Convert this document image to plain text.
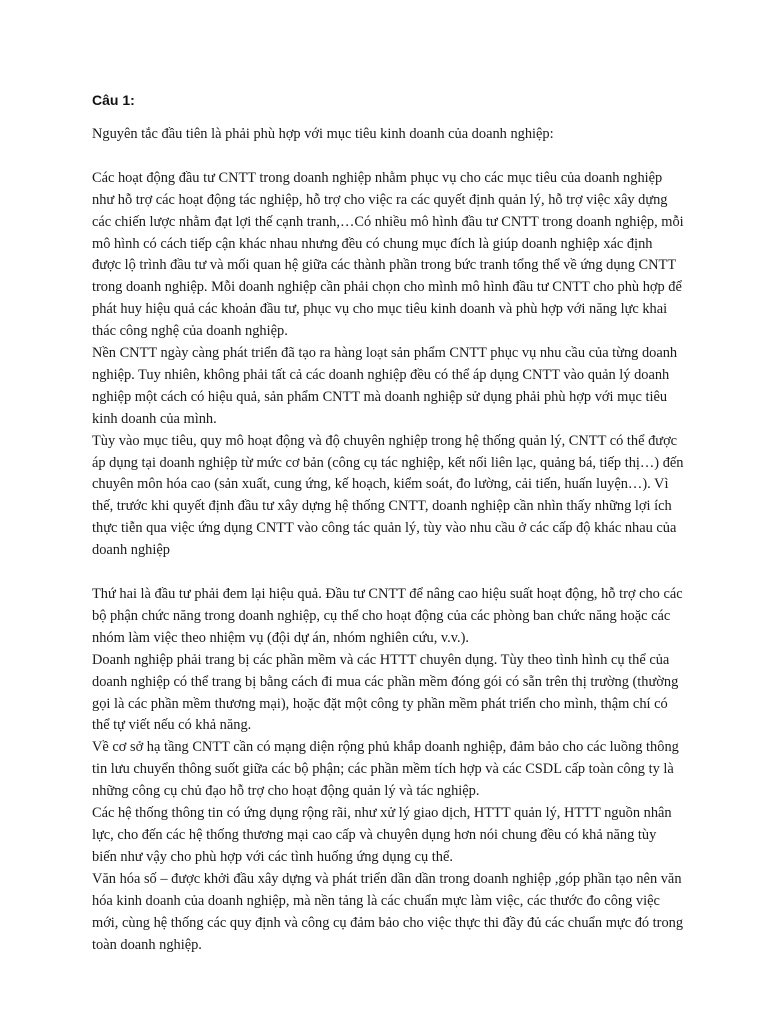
Câu 1:

Nguyên tắc đầu tiên là phải phù hợp với mục tiêu kinh doanh của doanh nghiệp:

Các hoạt động đầu tư CNTT trong doanh nghiệp nhằm phục vụ cho các mục tiêu của doanh nghiệp như hỗ trợ các hoạt động tác nghiệp, hỗ trợ cho việc ra các quyết định quản lý, hỗ trợ việc xây dựng các chiến lược nhằm đạt lợi thế cạnh tranh,…Có nhiều mô hình đầu tư CNTT trong doanh nghiệp, mỗi mô hình có cách tiếp cận khác nhau nhưng đều có chung mục đích là giúp doanh nghiệp xác định được lộ trình đầu tư và mối quan hệ giữa các thành phần trong bức tranh tổng thể về ứng dụng CNTT trong doanh nghiệp. Mỗi doanh nghiệp cần phải chọn cho mình mô hình đầu tư CNTT cho phù hợp để phát huy hiệu quả các khoản đầu tư, phục vụ cho mục tiêu kinh doanh và phù hợp với năng lực khai thác công nghệ của doanh nghiệp.

Nền CNTT ngày càng phát triển đã tạo ra hàng loạt sản phẩm CNTT phục vụ nhu cầu của từng doanh nghiệp. Tuy nhiên, không phải tất cả các doanh nghiệp đều có thể áp dụng CNTT vào quản lý doanh nghiệp một cách có hiệu quả, sản phẩm CNTT mà doanh nghiệp sử dụng phải phù hợp với mục tiêu kinh doanh của mình.

Tùy vào mục tiêu, quy mô hoạt động và độ chuyên nghiệp trong hệ thống quản lý, CNTT có thể được áp dụng tại doanh nghiệp từ mức cơ bản (công cụ tác nghiệp, kết nối liên lạc, quảng bá, tiếp thị…) đến chuyên môn hóa cao (sản xuất, cung ứng, kế hoạch, kiểm soát, đo lường, cải tiến, huấn luyện…). Vì thế, trước khi quyết định đầu tư xây dựng hệ thống CNTT, doanh nghiệp cần nhìn thấy những lợi ích thực tiễn qua việc ứng dụng CNTT vào công tác quản lý, tùy vào nhu cầu ở các cấp độ khác nhau của doanh nghiệp

Thứ hai là đầu tư phải đem lại hiệu quả. Đầu tư CNTT để nâng cao hiệu suất hoạt động, hỗ trợ cho các bộ phận chức năng trong doanh nghiệp, cụ thể cho hoạt động của các phòng ban chức năng hoặc các nhóm làm việc theo nhiệm vụ (đội dự án, nhóm nghiên cứu, v.v.).

Doanh nghiệp phải trang bị các phần mềm và các HTTT chuyên dụng. Tùy theo tình hình cụ thể của doanh nghiệp có thể trang bị bằng cách đi mua các phần mềm đóng gói có sẵn trên thị trường (thường gọi là các phần mềm thương mại), hoặc đặt một công ty phần mềm phát triển cho mình, thậm chí có thể tự viết nếu có khả năng.

Về cơ sở hạ tầng CNTT cần có mạng diện rộng phủ khắp doanh nghiệp, đảm bảo cho các luồng thông tin lưu chuyển thông suốt giữa các bộ phận; các phần mềm tích hợp và các CSDL cấp toàn công ty là những công cụ chủ đạo hỗ trợ cho hoạt động quản lý và tác nghiệp.

Các hệ thống thông tin có ứng dụng rộng rãi, như xử lý giao dịch, HTTT quản lý, HTTT nguồn nhân lực, cho đến các hệ thống thương mại cao cấp và chuyên dụng hơn nói chung đều có khả năng tùy biến như vậy cho phù hợp với các tình huống ứng dụng cụ thể.

Văn hóa số – được khởi đầu xây dựng và phát triển dần dần trong doanh nghiệp ,góp phần tạo nên văn hóa kinh doanh của doanh nghiệp, mà nền tảng là các chuẩn mực làm việc, các thước đo công việc mới, cùng hệ thống các quy định và công cụ đảm bảo cho việc thực thi đầy đủ các chuẩn mực đó trong toàn doanh nghiệp.
